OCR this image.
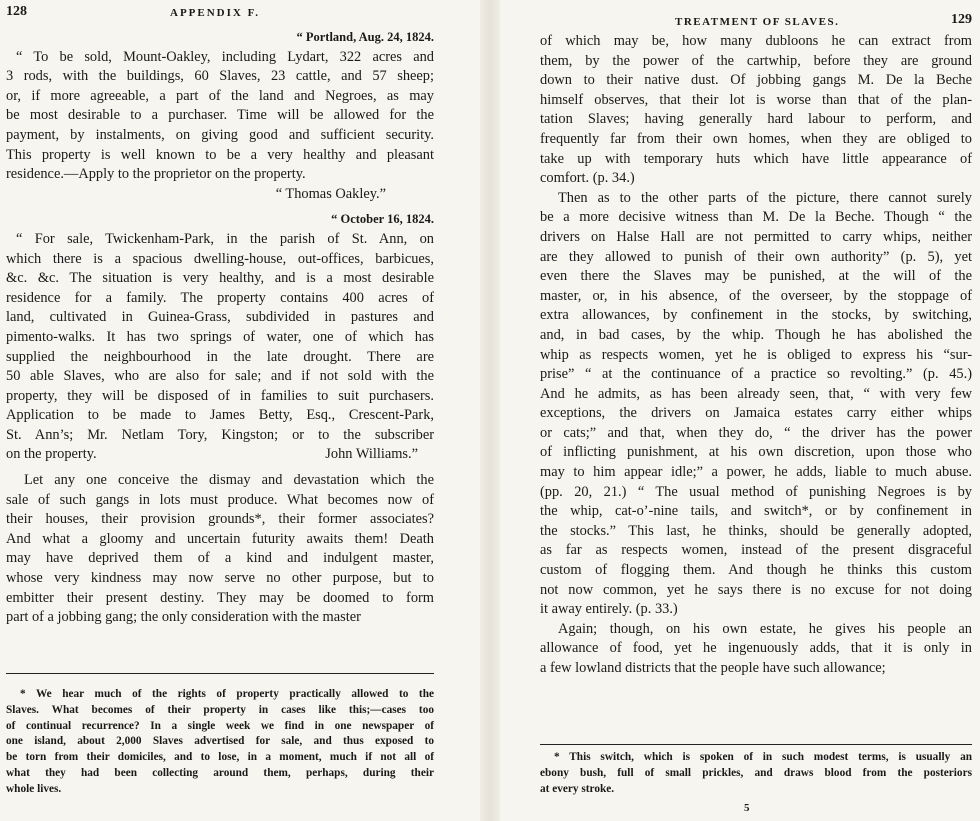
128	APPENDIX F.

“ Portland, Aug. 24, 1824.

“ To be sold, Mount-Oakley, including Lydart, 322 acres and
3 rods, with the buildings, 60 Slaves, 23 cattle, and 57 sheep;
or, if more agreeable, a part of the land and Negroes, as may
be most desirable to a purchaser. Time will be allowed for the
payment, by instalments, on giving good and sufficient security.
This property is well known to be a very healthy and pleasant
residence.—Apply to the proprietor on the property.

“ Thomas Oakley.”

“ October 16, 1824.

“ For sale, Twickenham-Park, in the parish of St. Ann, on
which there is a spacious dwelling-house, out-offices, barbicues,
&c. &c. The situation is very healthy, and is a most desirable
residence for a family. The property contains 400 acres of
land, cultivated in Guinea-Grass, subdivided in pastures and
pimento-walks. It has two springs of water, one of which has
supplied the neighbourhood in the late drought. There are
50 able Slaves, who are also for sale; and if not sold with the
property, they will be disposed of in families to suit purchasers.
Application to be made to James Betty, Esq., Crescent-Park,
St. Ann’s; Mr. Netlam Tory, Kingston; or to the subscriber
on the property.	John Williams.”

Let any one conceive the dismay and devastation which the
sale of such gangs in lots must produce. What becomes now of
their houses, their provision grounds*, their former associates?
And what a gloomy and uncertain futurity awaits them! Death
may have deprived them of a kind and indulgent master,
whose very kindness may now serve no other purpose, but to
embitter their present destiny. They may be doomed to form
part of a jobbing gang; the only consideration with the master
* We hear much of the rights of property practically allowed to the
Slaves. What becomes of their property in cases like this;—cases too
of continual recurrence? In a single week we find in one newspaper of
one island, about 2,000 Slaves advertised for sale, and thus exposed to
be torn from their domiciles, and to lose, in a moment, much if not all of
what they had been collecting around them, perhaps, during their
whole lives.
TREATMENT OF SLAVES.	129
of which may be, how many dubloons he can extract from
them, by the power of the cartwhip, before they are ground
down to their native dust. Of jobbing gangs M. De la Beche
himself observes, that their lot is worse than that of the plan-
tation Slaves; having generally hard labour to perform, and
frequently far from their own homes, when they are obliged to
take up with temporary huts which have little appearance of
comfort. (p. 34.)
Then as to the other parts of the picture, there cannot surely
be a more decisive witness than M. De la Beche. Though “ the
drivers on Halse Hall are not permitted to carry whips, neither
are they allowed to punish of their own authority” (p. 5), yet
even there the Slaves may be punished, at the will of the
master, or, in his absence, of the overseer, by the stoppage of
extra allowances, by confinement in the stocks, by switching,
and, in bad cases, by the whip. Though he has abolished the
whip as respects women, yet he is obliged to express his “sur-
prise” “ at the continuance of a practice so revolting.” (p. 45.)
And he admits, as has been already seen, that, “ with very few
exceptions, the drivers on Jamaica estates carry either whips
or cats;” and that, when they do, “ the driver has the power
of inflicting punishment, at his own discretion, upon those who
may to him appear idle;” a power, he adds, liable to much abuse.
(pp. 20, 21.) “ The usual method of punishing Negroes is by
the whip, cat-o’-nine tails, and switch*, or by confinement in
the stocks.” This last, he thinks, should be generally adopted,
as far as respects women, instead of the present disgraceful
custom of flogging them. And though he thinks this custom
not now common, yet he says there is no excuse for not doing
it away entirely. (p. 33.)
Again; though, on his own estate, he gives his people an
allowance of food, yet he ingenuously adds, that it is only in
a few lowland districts that the people have such allowance;
* This switch, which is spoken of in such modest terms, is usually an
ebony bush, full of small prickles, and draws blood from the posteriors
at every stroke.
5
